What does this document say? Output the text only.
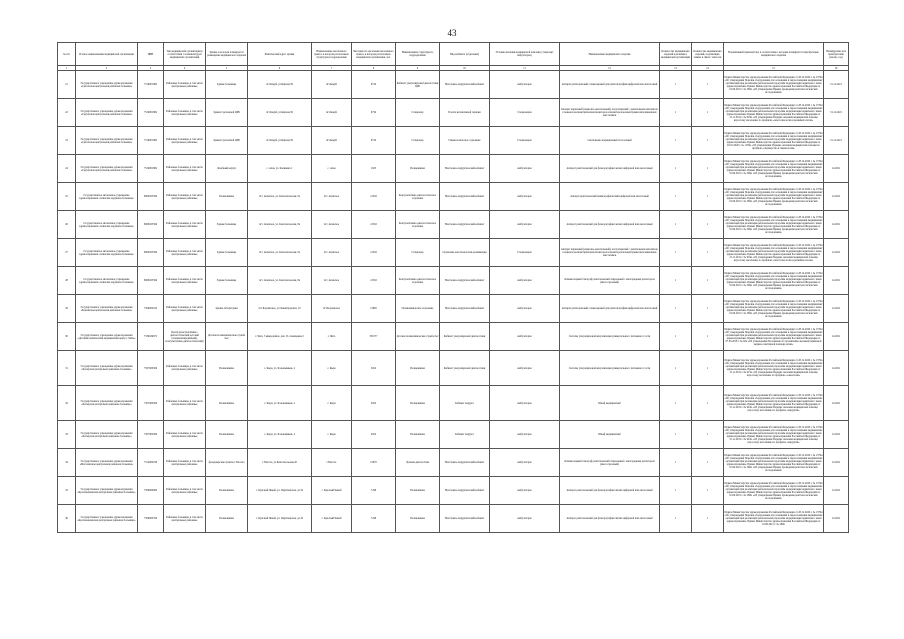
43
№ п/п	Полное наименование медицинской организации	ИНН	Тип медицинской организации в соответствии с номенклатурой медицинских организаций	Здание, в котором планируется размещение медицинского изделия	Фактический адрес здания	Наименование населенного пункта, в котором расположено структурное подразделение	Численность населения населенного пункта, в котором расположено медицинская организация, чел.	Наименование структурного подразделения	Вид кабинета (отделения)	Условия оказания медицинской помощи (стационар/амбулаторно)	Наименование медицинского изделия	Количество медицинских изделий в наличии в медицинской организации	Количество медицинских изделий, подлежащих замене в связи с износом	Нормативный правовой акт, в соответствии с которым планируется приобретение медицинского изделия	Планируемая дата приобретения (месяц, год)
1	2	3	4	5	6	7	8	9	10	11	12	13	14	15	16
21	Государственное учреждение здравоохранения «Сретенская центральная районная больница»	7519001882	Районные больницы, в том числе центральные районные	Здание больницы	пгт.Кокуй, ул.Кирова,39	пгт.Кокуй	6734	Кабинет ультразвуковой диагностики ЦРБ	Неотложно-хирургический кабинет	Амбулаторно	Аппарат рентгеновский стационарный для рентгенографии цифровой или аналоговый	1	1	Приказ Министерства здравоохранения Российской Федерации от 28.12.2020 г. № 1379н «Об утверждении Перечня оборудования для оснащения и переоснащения медицинских организаций при реализации региональных программ модернизации первичного звена здравоохранения» Приказ Министерства здравоохранения Российской Федерации от 10.06.2021 г. № 560н «Об утверждении Правил проведения рентгенологических исследований»	31.12.2021
22	Государственное учреждение здравоохранения «Сретенская центральная районная больница»	7519001882	Районные больницы, в том числе центральные районные	Здание Сретенской ЦРБ	пгт.Кокуй, ул.Кирова,39	пгт.Кокуй	6734	Стационар	Палата интенсивной терапии	Стационарно	Аппарат наркозный (наркозно-дыхательный), полуоткрытый с дыхательным автоматом, газовым и волюметрическим монитором и монитором концентрации ингаляционных анестетиков	1	1	Приказ Министерства здравоохранения Российской Федерации от 28.12.2020 г. № 1379н «Об утверждении Перечня оборудования для оснащения и переоснащения медицинских организаций при реализации региональных программ модернизации первичного звена здравоохранения» Приказ Министерства здравоохранения Российской Федерации от 15.11.2012 г. № 919н «Об утверждении Порядка оказания медицинской помощи взрослому населению по профилю «анестезиология и реаниматология»	31.12.2021
23	Государственное учреждение здравоохранения «Сретенская центральная районная больница»	7519001882	Районные больницы, в том числе центральные районные	Здание Сретенской ЦРБ	пгт.Кокуй, ул.Кирова,39	пгт.Кокуй	6734	Стационар	Гинекологическое отделение	Стационарно	Светильник операционный потолочный	1	1	Приказ Министерства здравоохранения Российской Федерации от 28.12.2020 г. № 1379н «Об утверждении Перечня оборудования для оснащения и переоснащения медицинских организаций при реализации региональных программ модернизации первичного звена здравоохранения» Приказ Министерства здравоохранения Российской Федерации от 20.10.2020 г. № 1130н «Об утверждении Порядка оказания медицинской помощи по профилю «акушерство и гинекология»	31.12.2021
24	Государственное учреждение здравоохранения «Сретенская центральная районная больница»	7519001882	Районные больницы, в том числе центральные районные	Лечебный корпус	с. Ахая, ул. Калинина 1	с. Ахая	1025	Поликлиника	Неотложно-хирургический кабинет	Амбулаторно	Аппарат рентгеновский для флюорографии легких цифровой или аналоговый	1	1	Приказ Министерства здравоохранения Российской Федерации от 28.12.2020 г. № 1379н «Об утверждении Перечня оборудования для оснащения и переоснащения медицинских организаций при реализации региональных программ модернизации первичного звена здравоохранения» Приказ Министерства здравоохранения Российской Федерации от 10.06.2021 г. № 560н «Об утверждении Правил проведения рентгенологических исследований»	12.2021
25	Государственное автономное учреждение здравоохранения «Агинская окружная больница»	8000025596	Районные больницы, в том числе центральные районные	Поликлиника	пгт. Агинское, ул. Комсомольская, 8а	пгт. Агинское	21502	Консультативно-диагностическое отделение	Неотложно-хирургический кабинет	Амбулаторно	Аппарат рентгеновский маммографический цифровой или аналоговый	1	1	Приказ Министерства здравоохранения Российской Федерации от 28.12.2020 г. № 1379н «Об утверждении Перечня оборудования для оснащения и переоснащения медицинских организаций при реализации региональных программ модернизации первичного звена здравоохранения» Приказ Министерства здравоохранения Российской Федерации от 10.06.2021 г. № 560н «Об утверждении Правил проведения рентгенологических исследований»	12.2021
26	Государственное автономное учреждение здравоохранения «Агинская окружная больница»	8000025596	Районные больницы, в том числе центральные районные	Здание больницы	пгт. Агинское, ул. Комсомольская, 8а	пгт. Агинское	21502	Консультативно-диагностическое отделение	Неотложно-хирургический кабинет	Амбулаторно	Аппарат рентгеновский для флюорографии легких цифровой или аналоговый	1	1	Приказ Министерства здравоохранения Российской Федерации от 28.12.2020 г. № 1379н «Об утверждении Перечня оборудования для оснащения и переоснащения медицинских организаций при реализации региональных программ модернизации первичного звена здравоохранения» Приказ Министерства здравоохранения Российской Федерации от 10.06.2021 г. № 560н «Об утверждении Правил проведения рентгенологических исследований»	12.2021
27	Государственное автономное учреждение здравоохранения «Агинская окружная больница»	8000025596	Районные больницы, в том числе центральные районные	Здание больницы	пгт. Агинское, ул. Комсомольская, 8а	пгт. Агинское	21502	Стационар	Отделение анестезиологии-реанимации	Стационарно	Аппарат наркозный (наркозно-дыхательный), полуоткрытый с дыхательным автоматом, газовым и волюметрическим монитором и монитором концентрации ингаляционных анестетиков	1	1	Приказ Министерства здравоохранения Российской Федерации от 28.12.2020 г. № 1379н «Об утверждении Перечня оборудования для оснащения и переоснащения медицинских организаций при реализации региональных программ модернизации первичного звена здравоохранения» Приказ Министерства здравоохранения Российской Федерации от 15.11.2012 г. № 919н «Об утверждении Порядка оказания медицинской помощи взрослому населению по профилю «анестезиология и реаниматология»	12.2021
28	Государственное автономное учреждение здравоохранения «Агинская окружная больница»	8000025596	Районные больницы, в том числе центральные районные	Здание больницы	пгт. Агинское, ул. Комсомольская, 8а	пгт. Агинское	21502	Консультативно-диагностическое отделение	Неотложно-хирургический кабинет	Амбулаторно	Компьютерный томограф рентгеновский спиральный с многорядным детектором (многосрезовый)	1	1	Приказ Министерства здравоохранения Российской Федерации от 28.12.2020 г. № 1379н «Об утверждении Перечня оборудования для оснащения и переоснащения медицинских организаций при реализации региональных программ модернизации первичного звена здравоохранения» Приказ Министерства здравоохранения Российской Федерации от 10.06.2021 г. № 560н «Об утверждении Правил проведения рентгенологических исследований»	12.2021
29	Государственное учреждение здравоохранения «Борзинская центральная районная больница»	7506002100	Районные больницы, в том числе центральные районные	Здание лаборатории	пгт Борзинское, ул.Ленинградская, 19	пгт.Борзинское	12865	Поликлиническое отделение	Неотложно-хирургический кабинет	Амбулаторно	Аппарат рентгеновский стационарный для рентгенографии цифровой или аналоговый	1	1	Приказ Министерства здравоохранения Российской Федерации от 28.12.2020 г. № 1379н «Об утверждении Перечня оборудования для оснащения и переоснащения медицинских организаций при реализации региональных программ модернизации первичного звена здравоохранения» Приказ Министерства здравоохранения Российской Федерации от 10.06.2021 г. № 560н «Об утверждении Правил проведения рентгенологических исследований»	12.2021
30	Государственное учреждение здравоохранения «Детский клинический медицинский центр г. Читы»	7536169972	Центр (консультативно-диагностический детский (специализированный), консультативно-диагностический)	Детская поликлиническая служба №2	г. Чита, 5 микрорайон, дом 15, помещение 2	г. Чита	350177	Детская поликлиническая служба №2	Кабинет ультразвуковой диагностики	Амбулаторно	Система ультразвуковой визуализации универсальная с питанием от сети	1	1	Приказ Министерства здравоохранения Российской Федерации от 28.12.2020 г. № 1379н «Об утверждении Перечня оборудования для оснащения и переоснащения медицинских организаций при реализации региональных программ модернизации первичного звена здравоохранения» Приказ Министерства здравоохранения Российской Федерации от 07.03.2018 г. № 92н «Об утверждении Положения об организации оказания первичной медико-санитарной помощи детям»	12.2021
31	Государственное учреждение здравоохранения «Каларская центральная районная больница»	7507000306	Районные больницы, в том числе центральные районные	Поликлиника	с. Кыра, ул. Большевиков, 4	с. Кыра	3022	Поликлиника	Кабинет ультразвуковой диагностики	Амбулаторно	Система ультразвуковой визуализации универсальная с питанием от сети	1	1	Приказ Министерства здравоохранения Российской Федерации от 28.12.2020 г. № 1379н «Об утверждении Перечня оборудования для оснащения и переоснащения медицинских организаций при реализации региональных программ модернизации первичного звена здравоохранения» Приказ Министерства здравоохранения Российской Федерации от 15.11.2012 г. № 915н «Об утверждении Порядка оказания медицинской помощи взрослому населению по профилю «онкология»	12.2021
32	Государственное учреждение здравоохранения «Каларская центральная районная больница»	7507000306	Районные больницы, в том числе центральные районные	Поликлиника	с. Кыра, ул. Большевиков, 4	с. Кыра	3022	Поликлиника	Кабинет хирурга	Амбулаторно	Шкаф медицинский	1	1	Приказ Министерства здравоохранения Российской Федерации от 28.12.2020 г. № 1379н «Об утверждении Перечня оборудования для оснащения и переоснащения медицинских организаций при реализации региональных программ модернизации первичного звена здравоохранения» Приказ Министерства здравоохранения Российской Федерации от 15.11.2012 г. № 922н «Об утверждении Порядка оказания медицинской помощи взрослому населению по профилю «хирургия»	12.2021
33	Государственное учреждение здравоохранения «Каларская центральная районная больница»	7507000306	Районные больницы, в том числе центральные районные	Поликлиника	с. Кыра, ул. Большевиков, 4	с. Кыра	3022	Поликлиника	Кабинет хирурга	Амбулаторно	Шкаф медицинский	1	1	Приказ Министерства здравоохранения Российской Федерации от 28.12.2020 г. № 1379н «Об утверждении Перечня оборудования для оснащения и переоснащения медицинских организаций при реализации региональных программ модернизации первичного звена здравоохранения» Приказ Министерства здравоохранения Российской Федерации от 15.11.2012 г. № 922н «Об утверждении Порядка оказания медицинской помощи взрослому населению по профилю «хирургия»	12.2021
34	Государственное учреждение здравоохранения «Могочинская центральная районная больница»	7512000239	Районные больницы, в том числе центральные районные	фельдшерские пункты г. Могоча	г. Могоча, ул.Комсомольская,45	г.Могоча	12970	Лучевая диагностика	Неотложно-хирургический кабинет	Амбулаторно	Компьютерный томограф рентгеновский спиральный с многорядным детектором (многосрезовый)	1	1	Приказ Министерства здравоохранения Российской Федерации от 28.12.2020 г. № 1379н «Об утверждении Перечня оборудования для оснащения и переоснащения медицинских организаций при реализации региональных программ модернизации первичного звена здравоохранения» Приказ Министерства здравоохранения Российской Федерации от 10.06.2021 г. № 560н «Об утверждении Правил проведения рентгенологических исследований»	12.2021
35	Государственное учреждение здравоохранения «Краснокаменская центральная районная больница»	7509000800	Районные больницы, в том числе центральные районные	Поликлиника	с. Красный Чикой, ул. Партизанская, д.132	с. Красный Чикой	7248	Поликлиника	Неотложно-хирургический кабинет	Амбулаторно	Аппарат рентгеновский для флюорографии легких цифровой или аналоговый	1	1	Приказ Министерства здравоохранения Российской Федерации от 28.12.2020 г. № 1379н «Об утверждении Перечня оборудования для оснащения и переоснащения медицинских организаций при реализации региональных программ модернизации первичного звена здравоохранения» Приказ Министерства здравоохранения Российской Федерации от 10.06.2021 г. № 560н «Об утверждении Правил проведения рентгенологических исследований»	12.2021
36	Государственное учреждение здравоохранения «Краснокаменская центральная районная больница»	7509000790	Районные больницы, в том числе центральные районные	Поликлиника	с. Красный Чикой, ул. Партизанская, д.132	с. Красный Чикой	7248	Поликлиника	Неотложно-хирургический кабинет	Амбулаторно	Аппарат рентгеновский для флюорографии легких цифровой или аналоговый	1	1	Приказ Министерства здравоохранения Российской Федерации от 28.12.2020 г. № 1379н «Об утверждении Перечня оборудования для оснащения и переоснащения медицинских организаций при реализации региональных программ модернизации первичного звена здравоохранения» Приказ Министерства здравоохранения Российской Федерации от 10.06.2021 г. № 560н	12.2021
